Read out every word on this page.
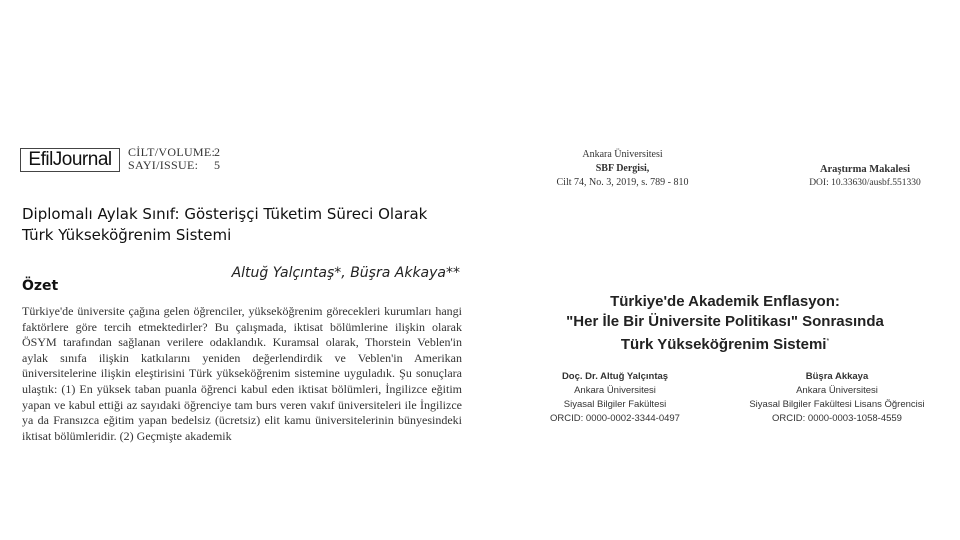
EfilJournal	CİLT/VOLUME:
2
SAYI/ISSUE:	5
Diplomalı Aylak Sınıf: Gösterişçi Tüketim Süreci Olarak Türk Yükseköğrenim Sistemi
Altuğ Yalçıntaş*, Büşra Akkaya**
Özet
Türkiye'de üniversite çağına gelen öğrenciler, yükseköğrenim görecekleri kurumları hangi faktörlere göre tercih etmektedirler? Bu çalışmada, iktisat bölümlerine ilişkin olarak ÖSYM tarafından sağlanan verilere odaklandık. Kuramsal olarak, Thorstein Veblen'in aylak sınıfa ilişkin katkılarını yeniden değerlendirdik ve Veblen'in Amerikan üniversitelerine ilişkin eleştirisini Türk yükseköğrenim sistemine uyguladık. Şu sonuçlara ulaştık: (1) En yüksek taban puanla öğrenci kabul eden iktisat bölümleri, İngilizce eğitim yapan ve kabul ettiği az sayıdaki öğrenciye tam burs veren vakıf üniversiteleri ile İngilizce ya da Fransızca eğitim yapan bedelsiz (ücretsiz) elit kamu üniversitelerinin bünyesindeki iktisat bölümleridir. (2) Geçmişte akademik
Ankara Üniversitesi
SBF Dergisi,
Cilt 74, No. 3, 2019, s. 789 - 810
Araştırma Makalesi
DOI: 10.33630/ausbf.551330
Türkiye'de Akademik Enflasyon:
"Her İle Bir Üniversite Politikası" Sonrasında
Türk Yükseköğrenim Sistemi*
Doç. Dr. Altuğ Yalçıntaş
Ankara Üniversitesi
Siyasal Bilgiler Fakültesi
ORCID: 0000-0002-3344-0497
Büşra Akkaya
Ankara Üniversitesi
Siyasal Bilgiler Fakültesi Lisans Öğrencisi
ORCID: 0000-0003-1058-4559
